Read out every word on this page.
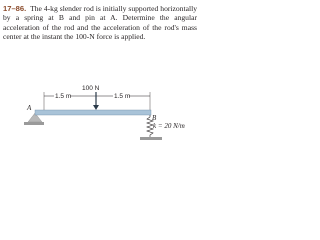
17–86. The 4-kg slender rod is initially supported horizontally by a spring at B and pin at A. Determine the angular acceleration of the rod and the acceleration of the rod's mass center at the instant the 100-N force is applied.
100 N
1.5 m	1.5 m
A
B
k = 20 N/m
